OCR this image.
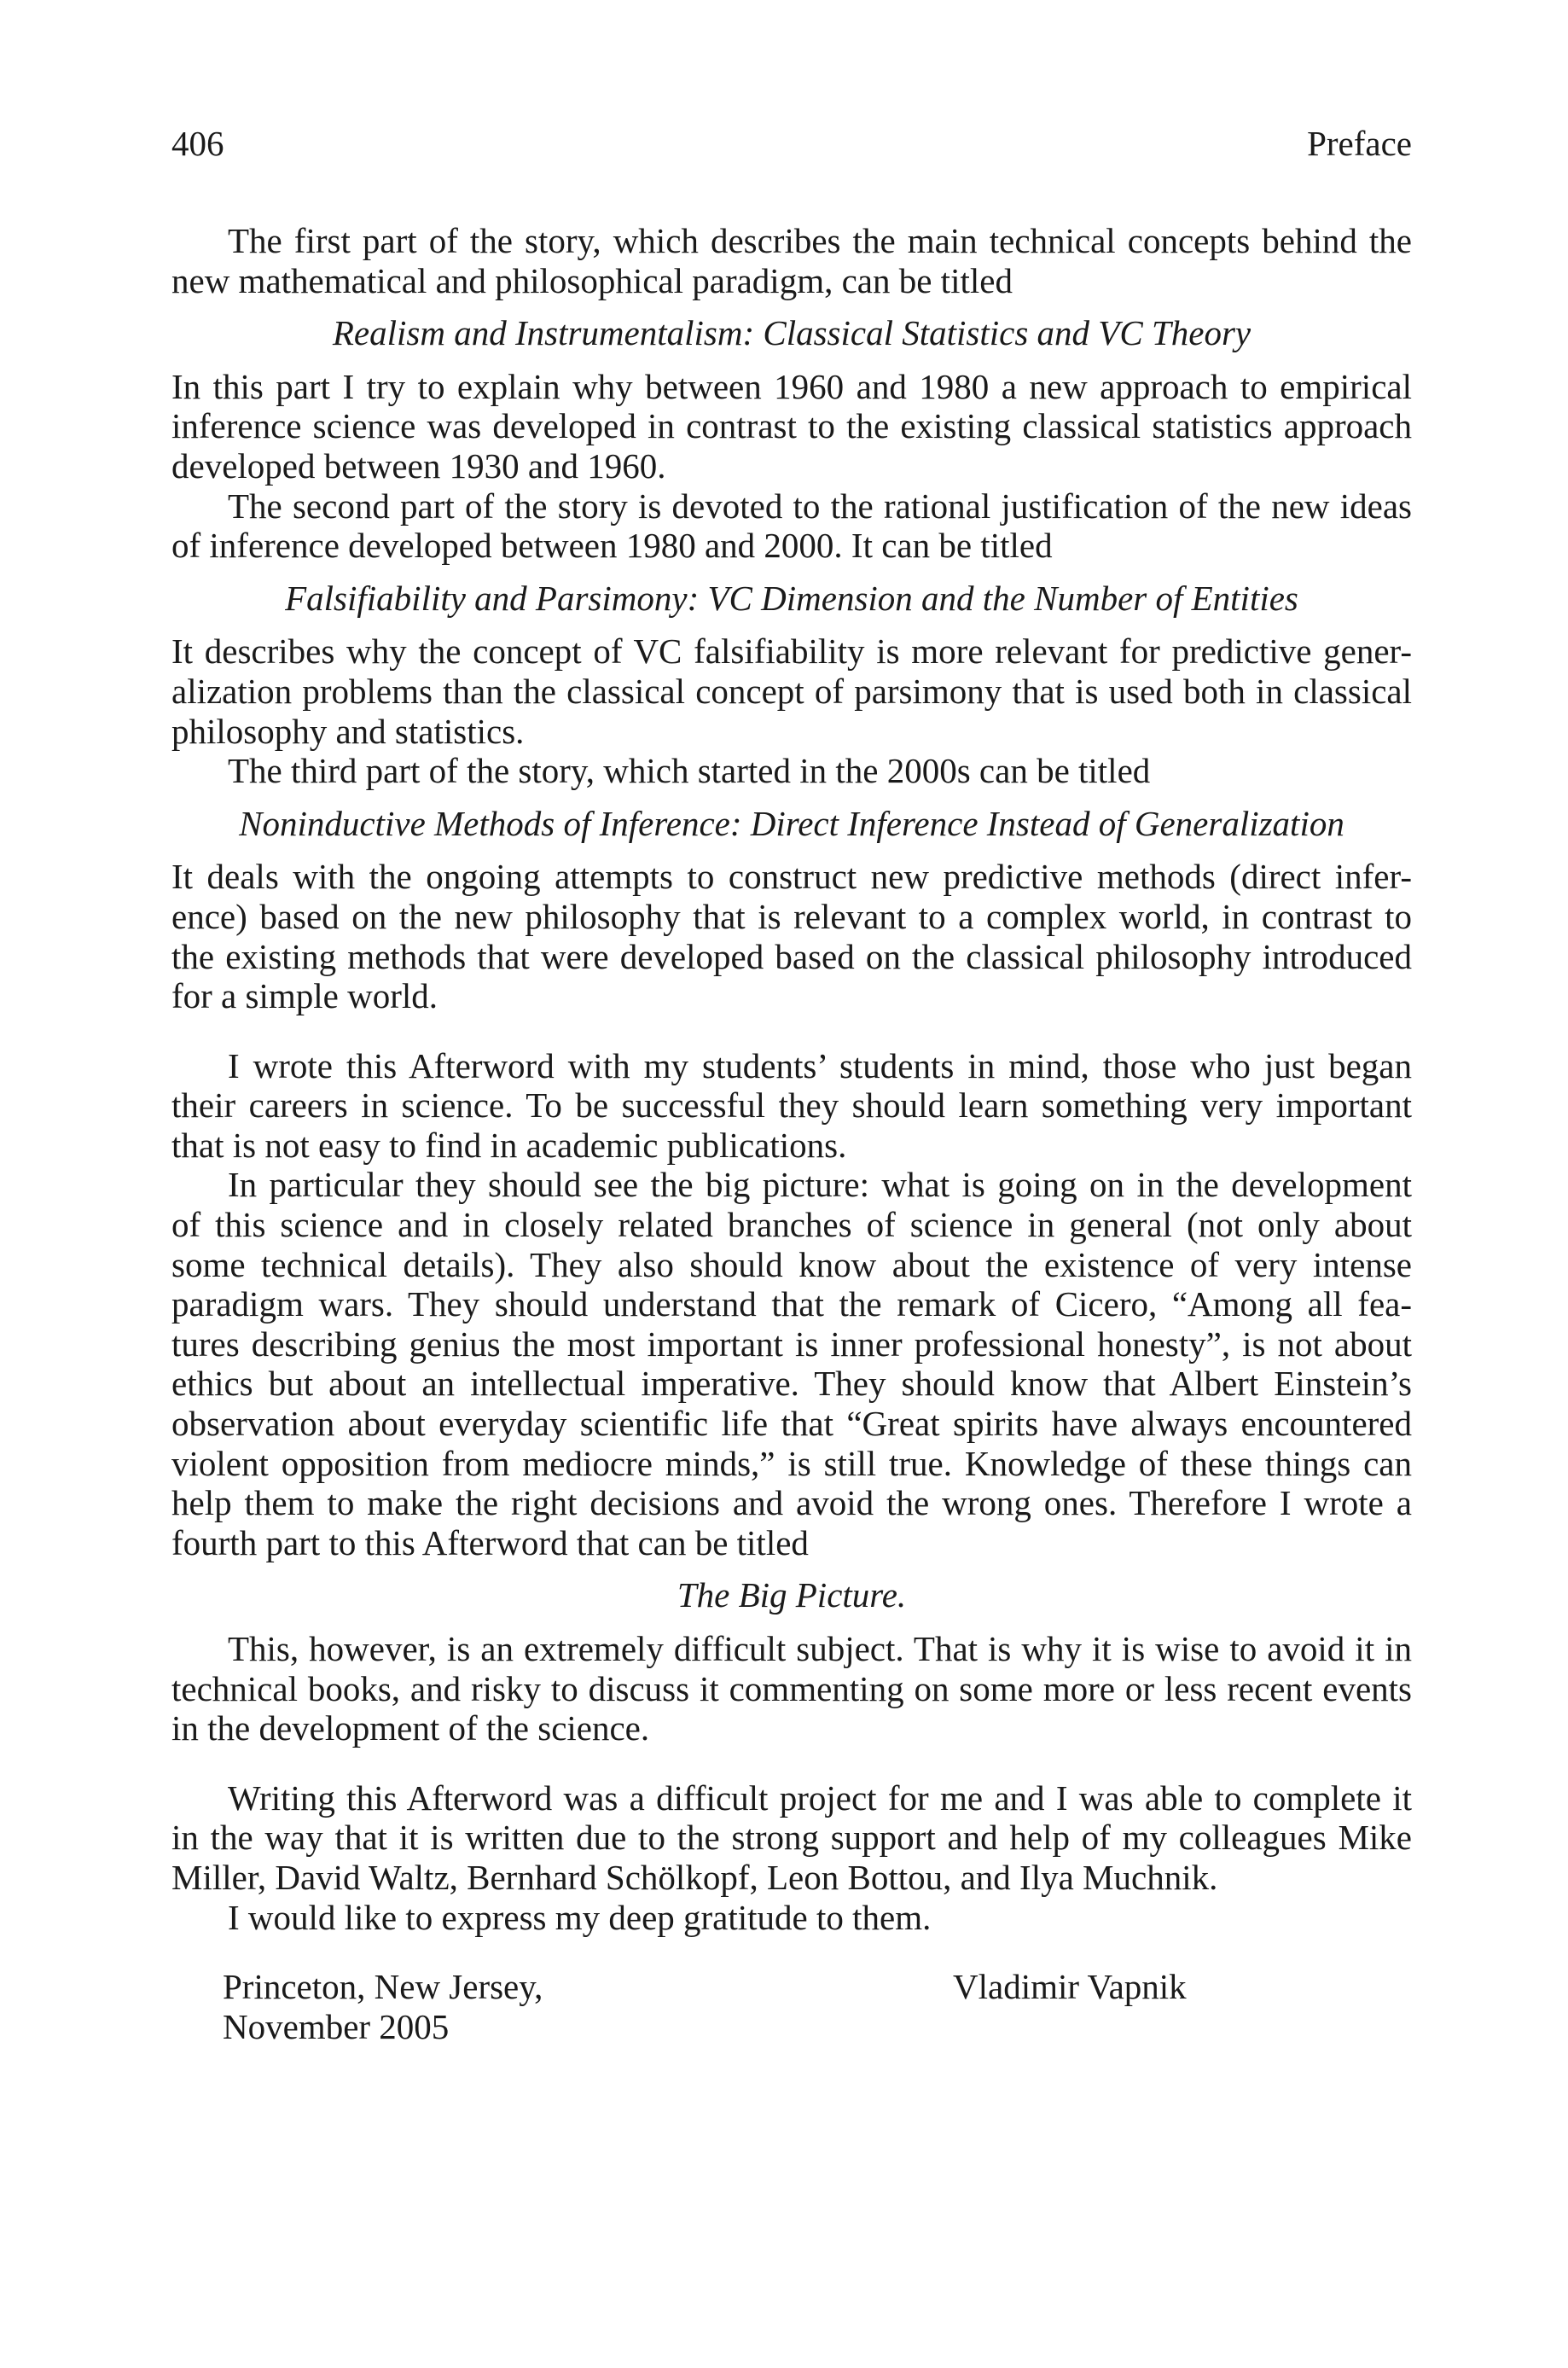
406	Preface
The first part of the story, which describes the main technical concepts behind the
new mathematical and philosophical paradigm, can be titled
Realism and Instrumentalism: Classical Statistics and VC Theory
In this part I try to explain why between 1960 and 1980 a new approach to empirical
inference science was developed in contrast to the existing classical statistics approach
developed between 1930 and 1960.
The second part of the story is devoted to the rational justification of the new ideas
of inference developed between 1980 and 2000. It can be titled
Falsifiability and Parsimony: VC Dimension and the Number of Entities
It describes why the concept of VC falsifiability is more relevant for predictive gener-
alization problems than the classical concept of parsimony that is used both in classical
philosophy and statistics.
The third part of the story, which started in the 2000s can be titled
Noninductive Methods of Inference: Direct Inference Instead of Generalization
It deals with the ongoing attempts to construct new predictive methods (direct infer-
ence) based on the new philosophy that is relevant to a complex world, in contrast to
the existing methods that were developed based on the classical philosophy introduced
for a simple world.
I wrote this Afterword with my students’ students in mind, those who just began
their careers in science. To be successful they should learn something very important
that is not easy to find in academic publications.
In particular they should see the big picture: what is going on in the development
of this science and in closely related branches of science in general (not only about
some technical details). They also should know about the existence of very intense
paradigm wars. They should understand that the remark of Cicero, “Among all fea-
tures describing genius the most important is inner professional honesty”, is not about
ethics but about an intellectual imperative. They should know that Albert Einstein’s
observation about everyday scientific life that “Great spirits have always encountered
violent opposition from mediocre minds,” is still true. Knowledge of these things can
help them to make the right decisions and avoid the wrong ones. Therefore I wrote a
fourth part to this Afterword that can be titled
The Big Picture.
This, however, is an extremely difficult subject. That is why it is wise to avoid it in
technical books, and risky to discuss it commenting on some more or less recent events
in the development of the science.
Writing this Afterword was a difficult project for me and I was able to complete it
in the way that it is written due to the strong support and help of my colleagues Mike
Miller, David Waltz, Bernhard Schölkopf, Leon Bottou, and Ilya Muchnik.
I would like to express my deep gratitude to them.
Princeton, New Jersey,
November 2005
Vladimir Vapnik
